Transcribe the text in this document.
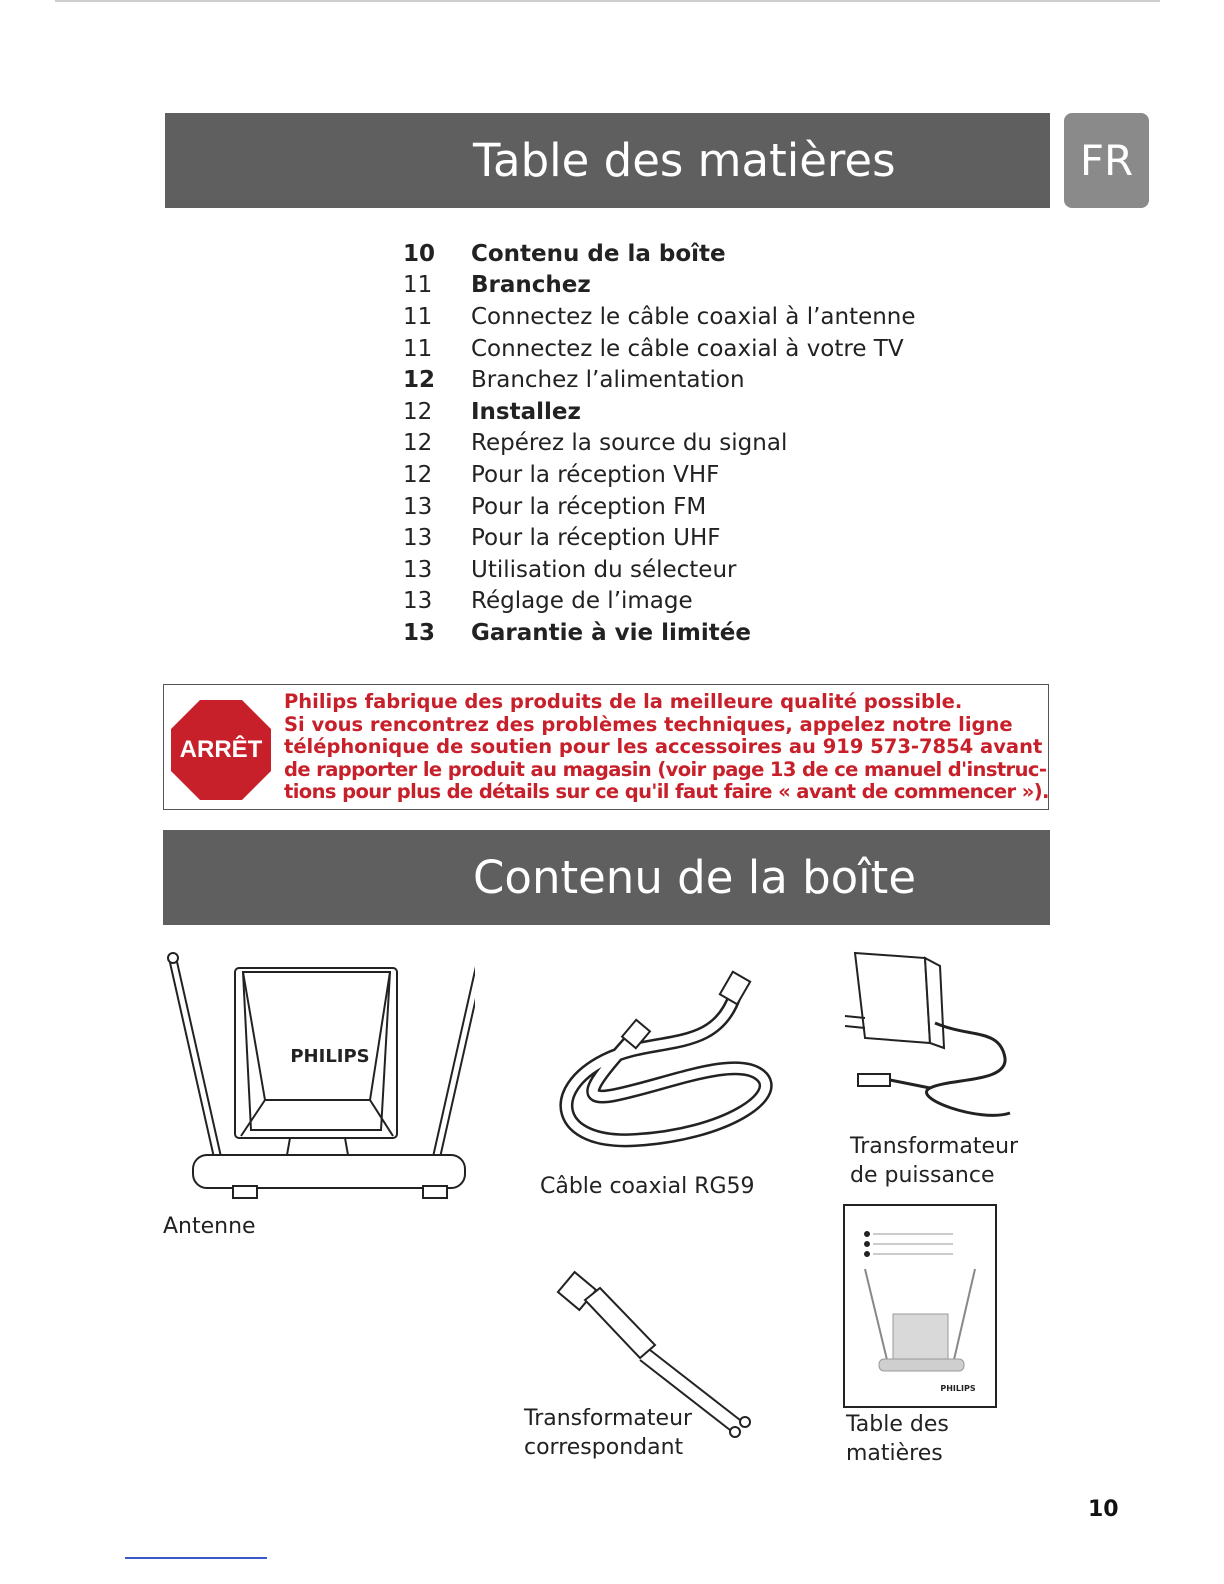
Table des matières	FR
10	Contenu de la boîte
11	Branchez
11	Connectez le câble coaxial à l’antenne
11	Connectez le câble coaxial à votre TV
12	Branchez l’alimentation
12	Installez
12	Repérez la source du signal
12	Pour la réception VHF
13	Pour la réception FM
13	Pour la réception UHF
13	Utilisation du sélecteur
13	Réglage de l’image
13	Garantie à vie limitée
ARRÊT
Philips fabrique des produits de la meilleure qualité possible.
Si vous rencontrez des problèmes techniques, appelez notre ligne
téléphonique de soutien pour les accessoires au 919 573-7854 avant
de rapporter le produit au magasin (voir page 13 de ce manuel d'instruc-
tions pour plus de détails sur ce qu'il faut faire « avant de commencer »).
Contenu de la boîte
PHILIPS
Antenne
Câble coaxial RG59
Transformateur
de puissance
Transformateur
correspondant
PHILIPS
Table des
matières
10
